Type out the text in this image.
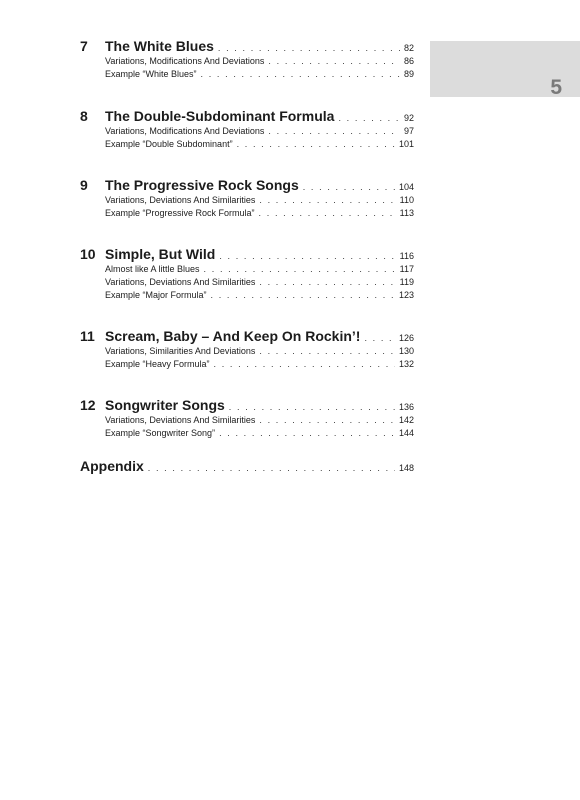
5
7	The White Blues . . .	82
Variations, Modifications And Deviations . . .	86
Example “White Blues” . . .	89
8	The Double-Subdominant Formula . . .	92
Variations, Modifications And Deviations . . .	97
Example “Double Subdominant” . . .	101
9	The Progressive Rock Songs . . .	104
Variations, Deviations And Similarities . . .	110
Example “Progressive Rock Formula” . . .	113
10 Simple, But Wild . . .	116
Almost like A little Blues . . .	117
Variations, Deviations And Similarities . . .	119
Example “Major Formula” . . .	123
11 Scream, Baby – And Keep On Rockin’! . . .	126
Variations, Similarities And Deviations . . .	130
Example “Heavy Formula” . . .	132
12 Songwriter Songs . . .	136
Variations, Deviations And Similarities . . .	142
Example “Songwriter Song” . . .	144
Appendix . . .	148
